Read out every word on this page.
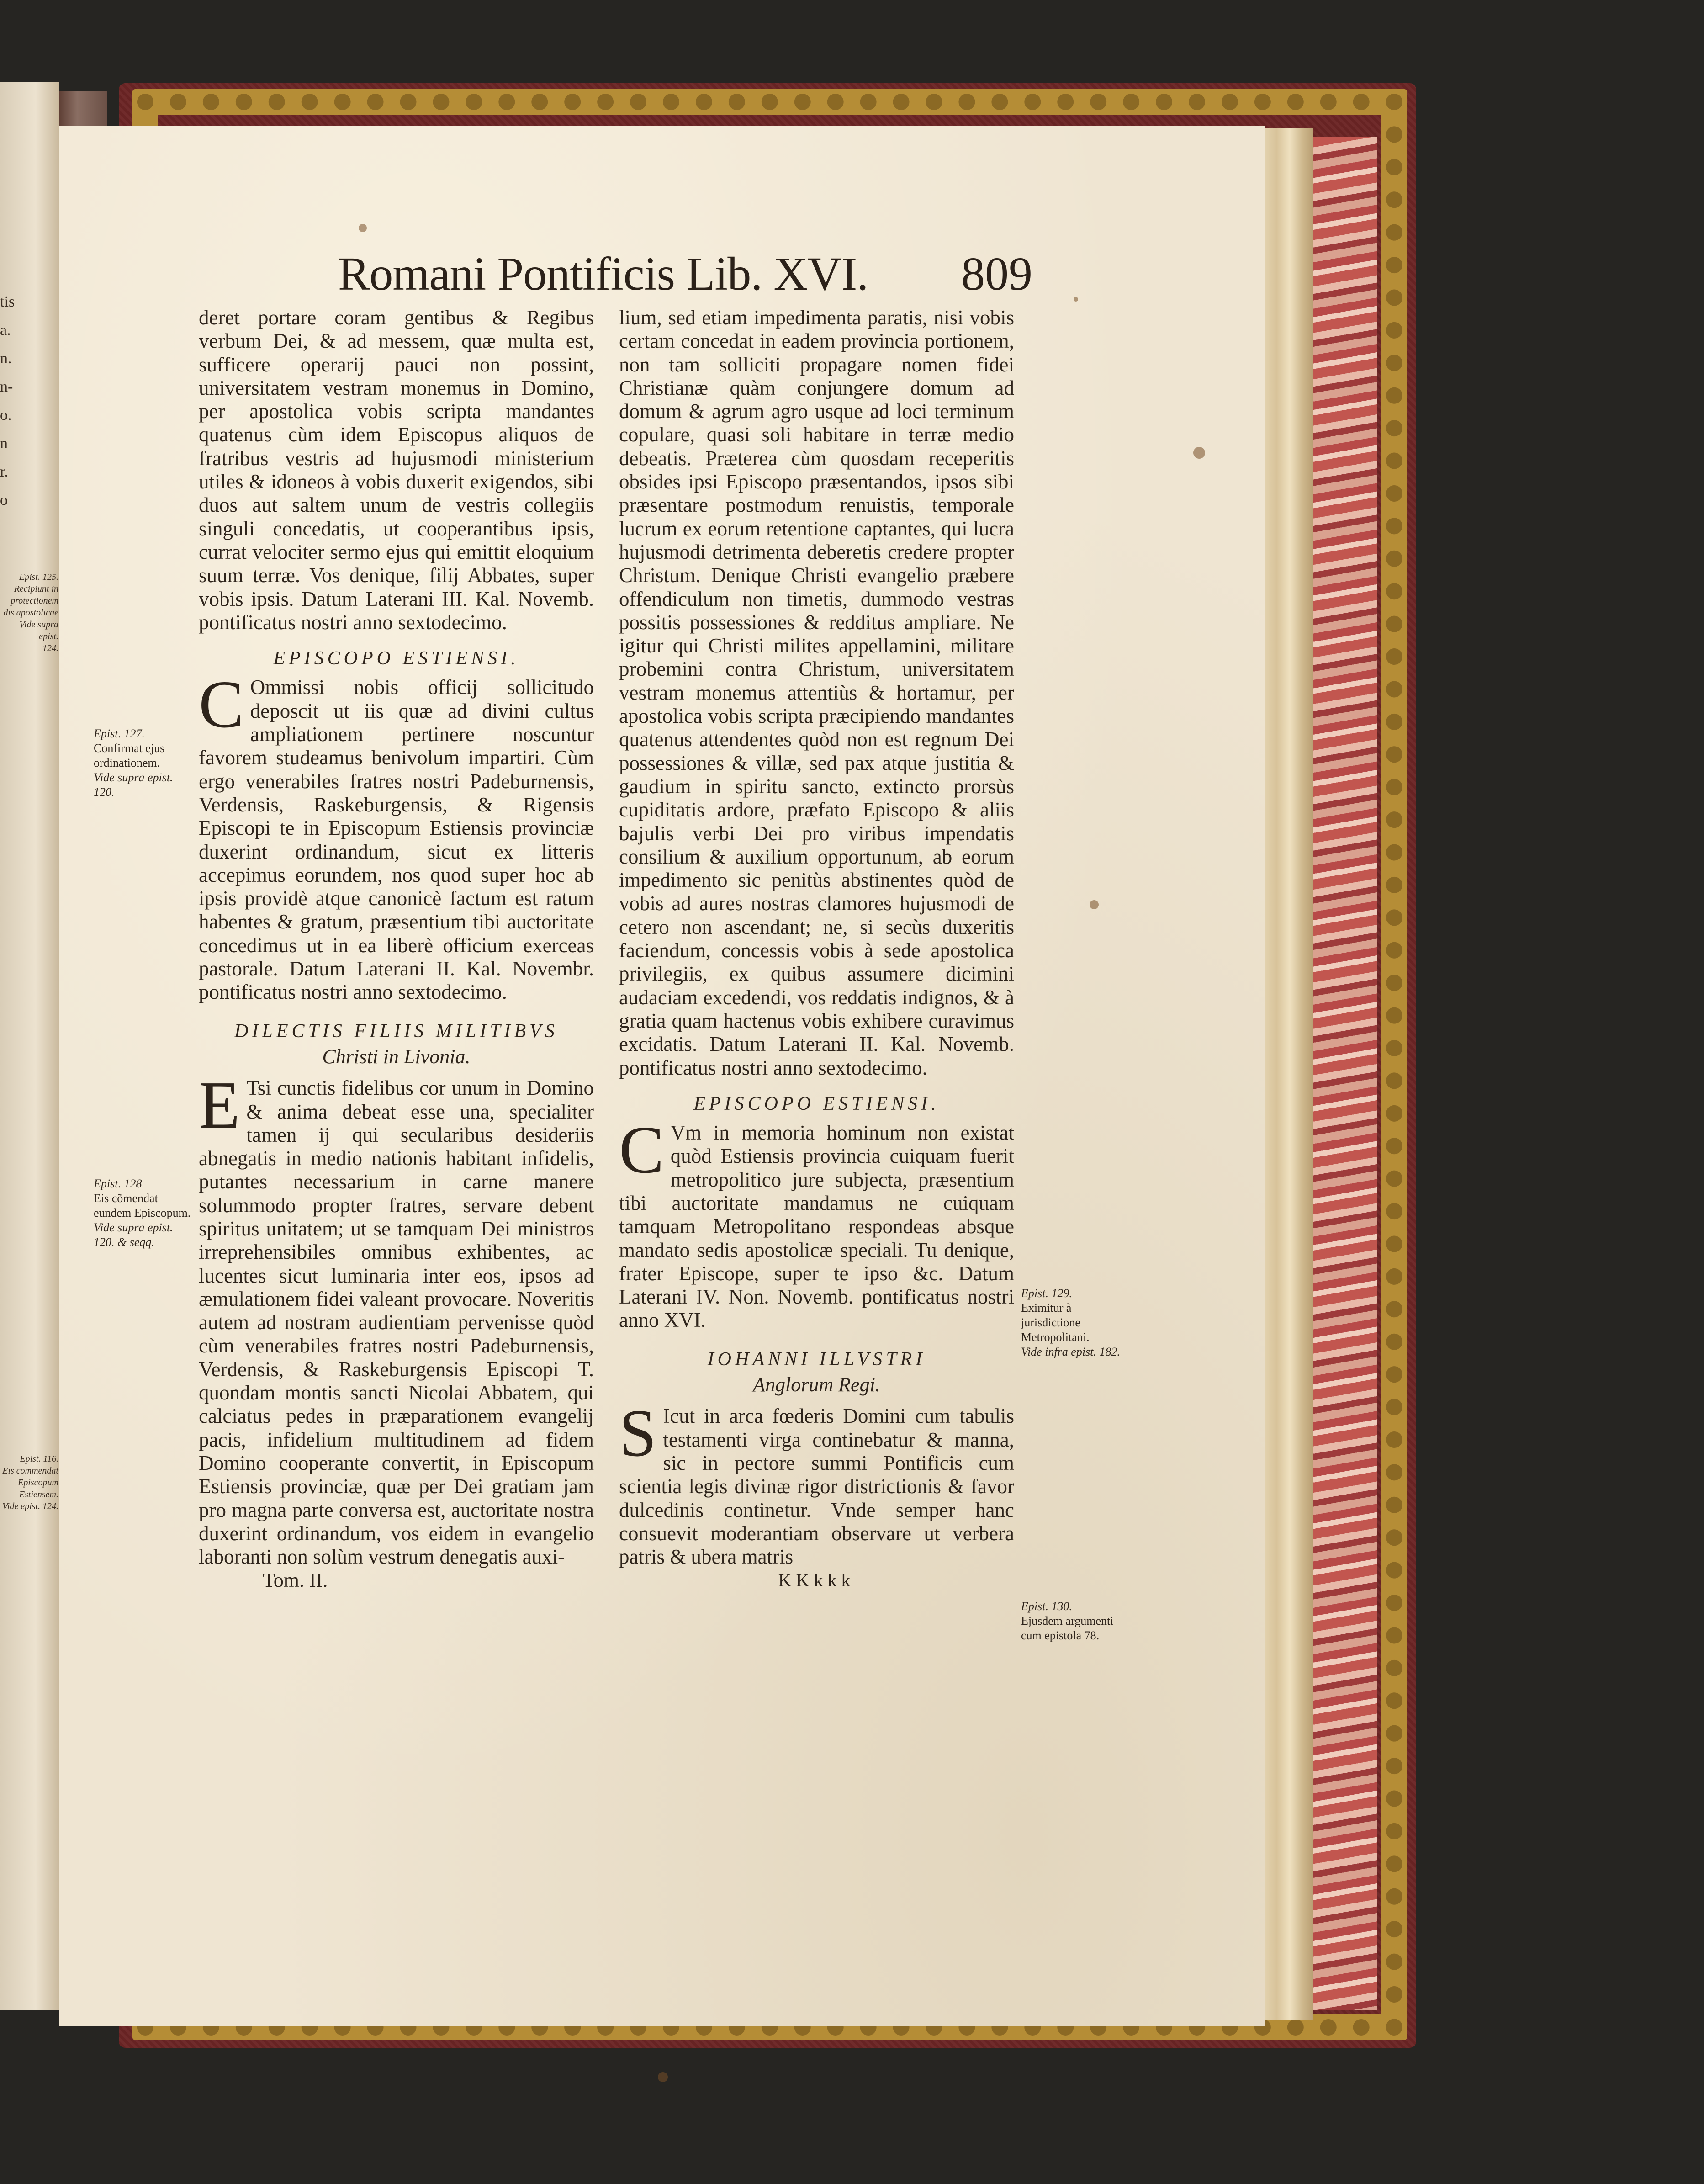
tis
a.
n.
n-
o.
n
r.
o
Epist. 125.
Recipiunt in
protectionem
dis apostolicae
Vide supra epist.
124.
Epist. 116.
Eis commendat
Episcopum
Estiensem.
Vide epist. 124.
Romani Pontificis Lib. XVI. 809

deret portare coram gentibus & Regibus verbum Dei, & ad messem, quæ multa est, sufficere operarij pauci non possint, universitatem vestram monemus in Domino, per apostolica vobis scripta mandantes quatenus cùm idem Episcopus aliquos de fratribus vestris ad hujusmodi ministerium utiles & idoneos à vobis duxerit exigendos, sibi duos aut saltem unum de vestris collegiis singuli concedatis, ut cooperantibus ipsis, currat velociter sermo ejus qui emittit eloquium suum terræ. Vos denique, filij Abbates, super vobis ipsis. Datum Laterani III. Kal. Novemb. pontificatus nostri anno sextodecimo.

EPISCOPO ESTIENSI.

C Ommissi nobis officij sollicitudo deposcit ut iis quæ ad divini cultus ampliationem pertinere noscuntur favorem studeamus benivolum impartiri. Cùm ergo venerabiles fratres nostri Padeburnensis, Verdensis, Raskeburgensis, & Rigensis Episcopi te in Episcopum Estiensis provinciæ duxerint ordinandum, sicut ex litteris accepimus eorundem, nos quod super hoc ab ipsis providè atque canonicè factum est ratum habentes & gratum, præsentium tibi auctoritate concedimus ut in ea liberè officium exerceas pastorale. Datum Laterani II. Kal. Novembr. pontificatus nostri anno sextodecimo.

DILECTIS FILIIS MILITIBVS
Christi in Livonia.

E Tsi cunctis fidelibus cor unum in Domino & anima debeat esse una, specialiter tamen ij qui secularibus desideriis abnegatis in medio nationis habitant infidelis, putantes necessarium in carne manere solummodo propter fratres, servare debent spiritus unitatem; ut se tamquam Dei ministros irreprehensibiles omnibus exhibentes, ac lucentes sicut luminaria inter eos, ipsos ad æmulationem fidei valeant provocare. Noveritis autem ad nostram audientiam pervenisse quòd cùm venerabiles fratres nostri Padeburnensis, Verdensis, & Raskeburgensis Episcopi T. quondam montis sancti Nicolai Abbatem, qui calciatus pedes in præparationem evangelij pacis, infidelium multitudinem ad fidem Domino cooperante convertit, in Episcopum Estiensis provinciæ, quæ per Dei gratiam jam pro magna parte conversa est, auctoritate nostra duxerint ordinandum, vos eidem in evangelio laboranti non solùm vestrum denegatis auxi-

Tom. II.

lium, sed etiam impedimenta paratis, nisi vobis certam concedat in eadem provincia portionem, non tam solliciti propagare nomen fidei Christianæ quàm conjungere domum ad domum & agrum agro usque ad loci terminum copulare, quasi soli habitare in terræ medio debeatis. Præterea cùm quosdam receperitis obsides ipsi Episcopo præsentandos, ipsos sibi præsentare postmodum renuistis, temporale lucrum ex eorum retentione captantes, qui lucra hujusmodi detrimenta deberetis credere propter Christum. Denique Christi evangelio præbere offendiculum non timetis, dummodo vestras possitis possessiones & redditus ampliare. Ne igitur qui Christi milites appellamini, militare probemini contra Christum, universitatem vestram monemus attentiùs & hortamur, per apostolica vobis scripta præcipiendo mandantes quatenus attendentes quòd non est regnum Dei possessiones & villæ, sed pax atque justitia & gaudium in spiritu sancto, extincto prorsùs cupiditatis ardore, præfato Episcopo & aliis bajulis verbi Dei pro viribus impendatis consilium & auxilium opportunum, ab eorum impedimento sic penitùs abstinentes quòd de vobis ad aures nostras clamores hujusmodi de cetero non ascendant; ne, si secùs duxeritis faciendum, concessis vobis à sede apostolica privilegiis, ex quibus assumere dicimini audaciam excedendi, vos reddatis indignos, & à gratia quam hactenus vobis exhibere curavimus excidatis. Datum Laterani II. Kal. Novemb. pontificatus nostri anno sextodecimo.

EPISCOPO ESTIENSI.

C Vm in memoria hominum non existat quòd Estiensis provincia cuiquam fuerit metropolitico jure subjecta, præsentium tibi auctoritate mandamus ne cuiquam tamquam Metropolitano respondeas absque mandato sedis apostolicæ speciali. Tu denique, frater Episcope, super te ipso &c. Datum Laterani IV. Non. Novemb. pontificatus nostri anno XVI.

IOHANNI ILLVSTRI
Anglorum Regi.

S Icut in arca fœderis Domini cum tabulis testamenti virga continebatur & manna, sic in pectore summi Pontificis cum scientia legis divinæ rigor districtionis & favor dulcedinis continetur. Vnde semper hanc consuevit moderantiam observare ut verbera patris & ubera matris

KKkkk
Epist. 127.
Confirmat ejus ordinationem.
Vide supra epist. 120.
Epist. 128
Eis cõmendat eundem Episcopum.
Vide supra epist. 120. & seqq.
Epist. 129.
Eximitur à jurisdictione Metropolitani.
Vide infra epist. 182.
Epist. 130.
Ejusdem argumenti cum epistola 78.
